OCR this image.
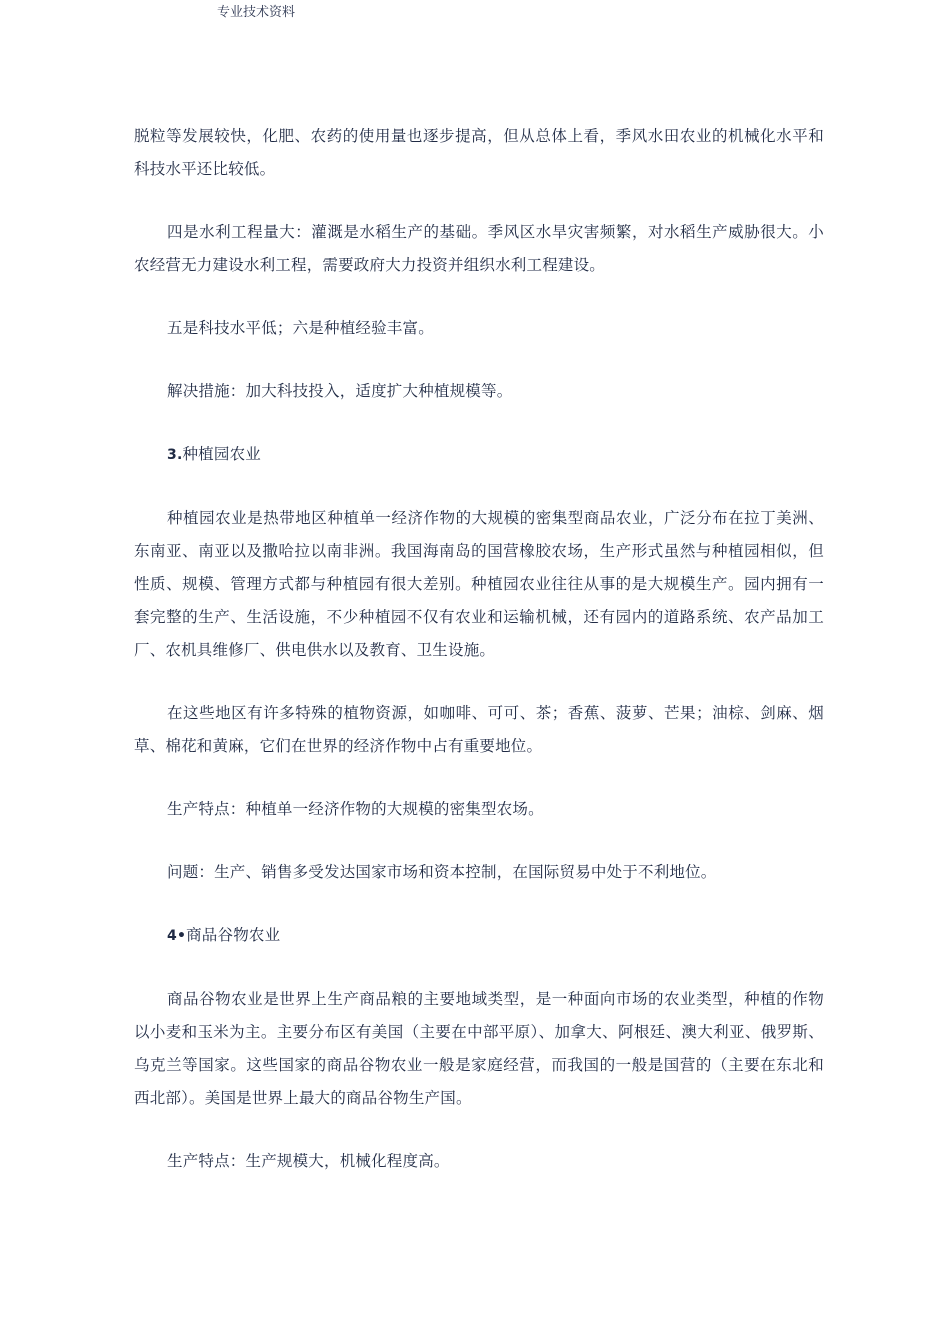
专业技术资料

脱粒等发展较快，化肥、农药的使用量也逐步提高，但从总体上看，季风水田农业的机械化水平和科技水平还比较低。

四是水利工程量大：灌溉是水稻生产的基础。季风区水旱灾害频繁，对水稻生产威胁很大。小农经营无力建设水利工程，需要政府大力投资并组织水利工程建设。

五是科技水平低；六是种植经验丰富。

解决措施：加大科技投入，适度扩大种植规模等。

3.种植园农业

种植园农业是热带地区种植单一经济作物的大规模的密集型商品农业，广泛分布在拉丁美洲、东南亚、南亚以及撒哈拉以南非洲。我国海南岛的国营橡胶农场，生产形式虽然与种植园相似，但性质、规模、管理方式都与种植园有很大差别。种植园农业往往从事的是大规模生产。园内拥有一套完整的生产、生活设施，不少种植园不仅有农业和运输机械，还有园内的道路系统、农产品加工厂、农机具维修厂、供电供水以及教育、卫生设施。

在这些地区有许多特殊的植物资源，如咖啡、可可、茶；香蕉、菠萝、芒果；油棕、剑麻、烟草、棉花和黄麻，它们在世界的经济作物中占有重要地位。

生产特点：种植单一经济作物的大规模的密集型农场。

问题：生产、销售多受发达国家市场和资本控制，在国际贸易中处于不利地位。

4•商品谷物农业

商品谷物农业是世界上生产商品粮的主要地域类型，是一种面向市场的农业类型，种植的作物以小麦和玉米为主。主要分布区有美国（主要在中部平原）、加拿大、阿根廷、澳大利亚、俄罗斯、乌克兰等国家。这些国家的商品谷物农业一般是家庭经营，而我国的一般是国营的（主要在东北和西北部）。美国是世界上最大的商品谷物生产国。

生产特点：生产规模大，机械化程度高。
